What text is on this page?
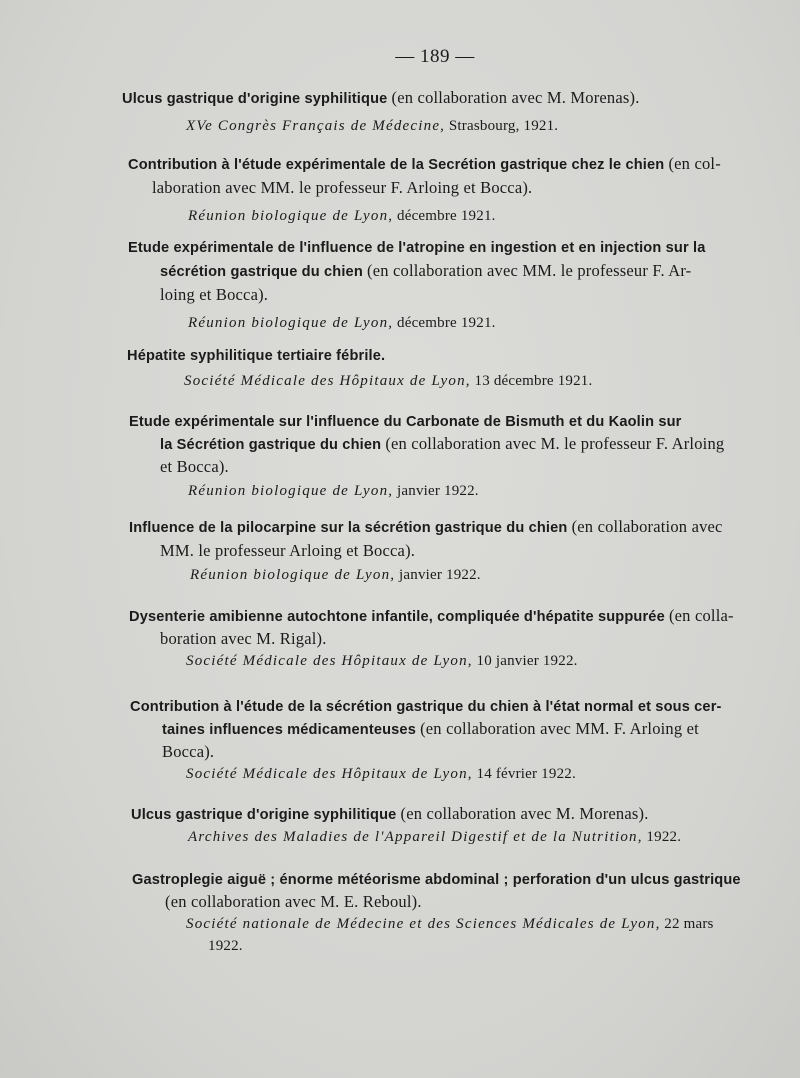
— 189 —
Ulcus gastrique d'origine syphilitique (en collaboration avec M. Morenas).
XVe Congrès Français de Médecine, Strasbourg, 1921.
Contribution à l'étude expérimentale de la Secrétion gastrique chez le chien (en col-
laboration avec MM. le professeur F. Arloing et Bocca).
Réunion biologique de Lyon, décembre 1921.
Etude expérimentale de l'influence de l'atropine en ingestion et en injection sur la
sécrétion gastrique du chien (en collaboration avec MM. le professeur F. Ar-
loing et Bocca).
Réunion biologique de Lyon, décembre 1921.
Hépatite syphilitique tertiaire fébrile.
Société Médicale des Hôpitaux de Lyon, 13 décembre 1921.
Etude expérimentale sur l'influence du Carbonate de Bismuth et du Kaolin sur
la Sécrétion gastrique du chien (en collaboration avec M. le professeur F. Arloing
et Bocca).
Réunion biologique de Lyon, janvier 1922.
Influence de la pilocarpine sur la sécrétion gastrique du chien (en collaboration avec
MM. le professeur Arloing et Bocca).
Réunion biologique de Lyon, janvier 1922.
Dysenterie amibienne autochtone infantile, compliquée d'hépatite suppurée (en colla-
boration avec M. Rigal).
Société Médicale des Hôpitaux de Lyon, 10 janvier 1922.
Contribution à l'étude de la sécrétion gastrique du chien à l'état normal et sous cer-
taines influences médicamenteuses (en collaboration avec MM. F. Arloing et
Bocca).
Société Médicale des Hôpitaux de Lyon, 14 février 1922.
Ulcus gastrique d'origine syphilitique (en collaboration avec M. Morenas).
Archives des Maladies de l'Appareil Digestif et de la Nutrition, 1922.
Gastroplegie aiguë ; énorme météorisme abdominal ; perforation d'un ulcus gastrique
(en collaboration avec M. E. Reboul).
Société nationale de Médecine et des Sciences Médicales de Lyon, 22 mars
1922.
